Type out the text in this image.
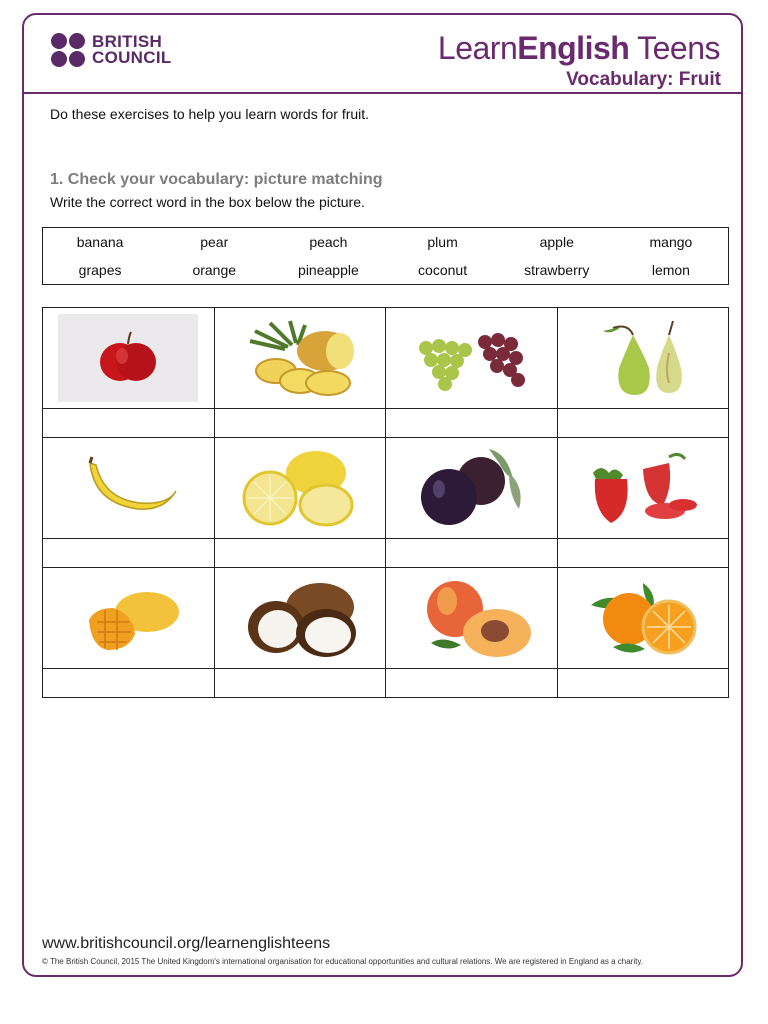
BRITISH
COUNCIL	LearnEnglish Teens
Vocabulary: Fruit
Do these exercises to help you learn words for fruit.
1. Check your vocabulary: picture matching
Write the correct word in the box below the picture.
banana	pear	peach	plum	apple	mango
grapes	orange	pineapple	coconut	strawberry	lemon

www.britishcouncil.org/learnenglishteens
© The British Council, 2015 The United Kingdom's international organisation for educational opportunities and cultural relations. We are registered in England as a charity.
